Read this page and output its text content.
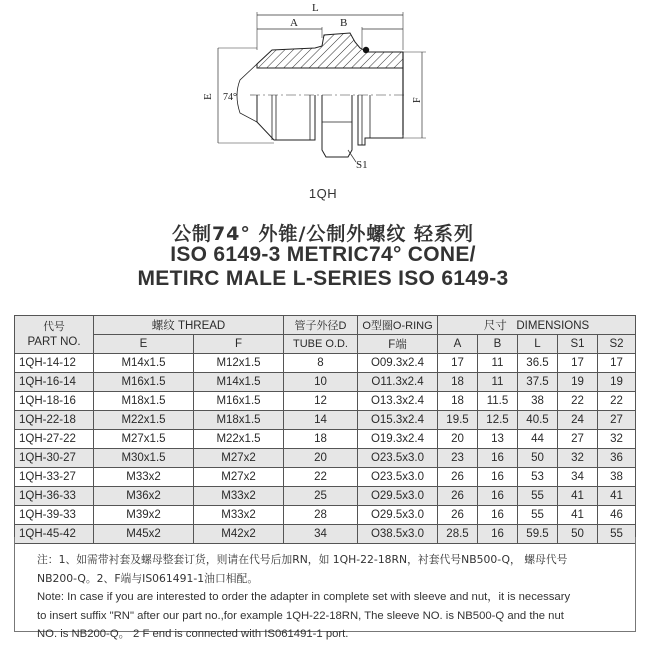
L
A	B
74°
E
F
S1
1QH
公制74° 外锥/公制外螺纹 轻系列
ISO 6149-3 METRIC74° CONE/
METIRC MALE L-SERIES ISO 6149-3
代号
PART NO.	螺纹 THREAD		管子外径D	O型圈O-RING	尺寸   DIMENSIONS				
	E	F	TUBE O.D.	F端	A	B	L	S1	S2
1QH-14-12	M14x1.5	M12x1.5	8	O09.3x2.4	17	11	36.5	17	17
1QH-16-14	M16x1.5	M14x1.5	10	O11.3x2.4	18	11	37.5	19	19
1QH-18-16	M18x1.5	M16x1.5	12	O13.3x2.4	18	11.5	38	22	22
1QH-22-18	M22x1.5	M18x1.5	14	O15.3x2.4	19.5	12.5	40.5	24	27
1QH-27-22	M27x1.5	M22x1.5	18	O19.3x2.4	20	13	44	27	32
1QH-30-27	M30x1.5	M27x2	20	O23.5x3.0	23	16	50	32	36
1QH-33-27	M33x2	M27x2	22	O23.5x3.0	26	16	53	34	38
1QH-36-33	M36x2	M33x2	25	O29.5x3.0	26	16	55	41	41
1QH-39-33	M39x2	M33x2	28	O29.5x3.0	26	16	55	41	46
1QH-45-42	M45x2	M42x2	34	O38.5x3.0	28.5	16	59.5	50	55

注：1、如需带衬套及螺母整套订货，则请在代号后加RN，如 1QH-22-18RN，衬套代号NB500-Q， 螺母代号

NB200-Q。2、F端与IS061491-1油口相配。

Note: In case if you are interested to order the adapter in complete set with sleeve and nut，it is necessary

to insert suffix "RN" after our part no.,for example 1QH-22-18RN, The sleeve NO. is NB500-Q and the nut

NO. is NB200-Q。 2 F end is connected with IS061491-1 port.
